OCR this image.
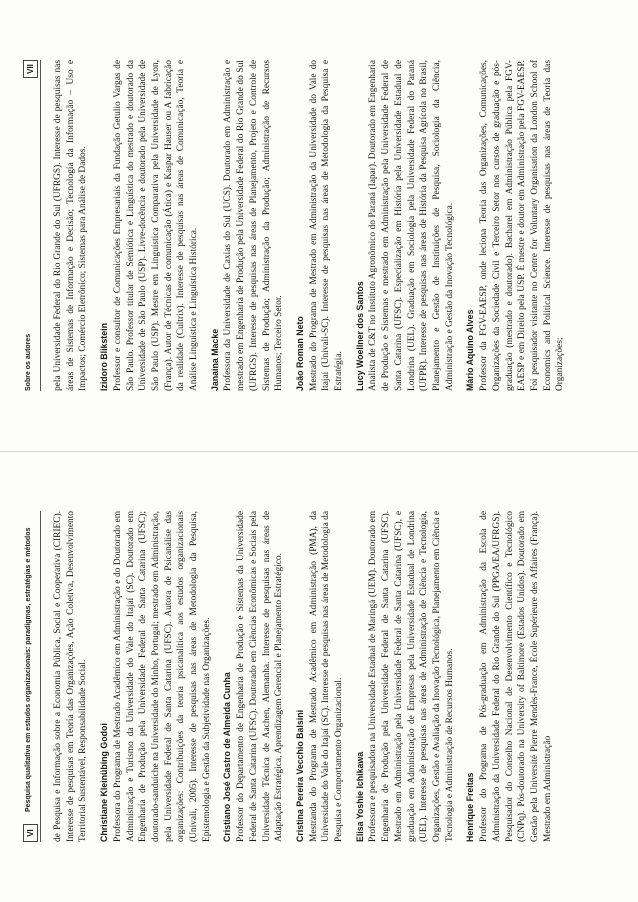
VI
Pesquisa qualitativa em estudos organizacionais: paradigmas, estratégias e métodos de Pesquisa e Informação sobre a Economia Pública, Social e Cooperativa (CIRIEC). Interesse de pesquisas em Teoria das Organizações, Ação Coletiva, Desenvolvimento Territorial Sustentável, Responsabilidade Social. Christiane Kleinübing Godoi Professora do Programa de Mestrado Acadêmico em Administração e do Doutorado em Administração e Turismo da Universidade do Vale do Itajaí (SC). Doutorado em Engenharia de Produção pela Universidade Federal de Santa Catarina (UFSC); doutorado-sanduíche na Universidade do Minho, Portugal; mestrado em Administração, pela Universidade Federal de Santa Catarina (UFSC). Autora de Psicanálise das organizações: Contribuições da teoria psicanalítica aos estudos organizacionais (Univali, 2005). Interesse de pesquisas nas áreas de Metodologia da Pesquisa, Epistemologia e Gestão da Subjetividade nas Organizações. Cristiano José Castro de Almeida Cunha Professor do Departamento de Engenharia de Produção e Sistemas da Universidade Federal de Santa Catarina (UFSC). Doutorado em Ciências Econômicas e Sociais pela Universidade Técnica de Aachen, Alemanha. Interesse de pesquisas nas áreas de Adaptação Estratégica, Aprendizagem Gerencial e Planejamento Estratégico. Cristina Pereira Vecchio Balsini Mestranda do Programa de Mestrado Acadêmico em Administração (PMA), da Universidade do Vale do Itajaí (SC). Interesse de pesquisas nas áreas de Metodologia da Pesquisa e Comportamento Organizacional. Elisa Yoshie Ichikawa Professora e pesquisadora na Universidade Estadual de Maringá (UEM). Doutorado em Engenharia de Produção pela Universidade Federal de Santa Catarina (UFSC). Mestrado em Administração pela Universidade Federal de Santa Catarina (UFSC), e graduação em Administração de Empresas pela Universidade Estadual de Londrina (UEL). Interesse de pesquisas nas áreas de Administração de Ciência e Tecnologia, Organizações, Gestão e Avaliação da Inovação Tecnológica, Planejamento em Ciência e Tecnologia e Administração de Recursos Humanos. Henrique Freitas Professor do Programa de Pós-graduação em Administração da Escola de Administração da Universidade Federal do Rio Grande do Sul (PPGA/EA/UFRGS). Pesquisador do Conselho Nacional de Desenvolvimento Científico e Tecnológico (CNPq). Pós-doutorado na University of Baltimore (Estados Unidos). Doutorado em Gestão pela Université Pierre Mendès-France, École Supérieure des Affaires (França). Mestrado em Administração

Sobre os autores
VII	pela Universidade Federal do Rio Grande do Sul (UFRGS). Interesse de pesquisas nas áreas de Sistemas de Informação e Decisão; Tecnologia da Informação – Uso e Impactos; Comércio Eletrônico; Sistemas para Análise de Dados. Izidoro Blikstein Professor e consultor de Comunicações Empresariais da Fundação Getulio Vargas de São Paulo. Professor titular de Semiótica e Linguística do mestrado e doutorado da Universidade de São Paulo (USP). Livre-docência e doutorado pela Universidade de São Paulo (USP). Mestre em Linguística Comparativa pela Universidade de Lyon, (França). Autor de Técnicas de comunicação (Ática) e Kaspar Hauser ou A fabricação da realidade (Cultrix). Interesse de pesquisas nas áreas de Comunicação, Teoria e Análise Linguística e Linguística Histórica. Janaina Macke Professora da Universidade de Caxias do Sul (UCS). Doutorado em Administração e mestrado em Engenharia de Produção pela Universidade Federal do Rio Grande do Sul (UFRGS). Interesse de pesquisas nas áreas de Planejamento, Projeto e Controle de Sistemas de Produção; Administração da Produção; Administração de Recursos Humanos; Terceiro Setor. João Roman Neto Mestrado do Programa de Mestrado em Administração da Universidade do Vale do Itajaí (Univali-SC). Interesse de pesquisas nas áreas de Metodologia da Pesquisa e Estratégia. Lucy Woellner dos Santos Analista de C&T no Instituto Agronômico do Paraná (Iapar). Doutorado em Engenharia de Produção e Sistemas e mestrado em Administração pela Universidade Federal de Santa Catarina (UFSC). Especialização em História pela Universidade Estadual de Londrina (UEL). Graduação em Sociologia pela Universidade Federal do Paraná (UFPR). Interesse de pesquisas nas áreas de História da Pesquisa Agrícola no Brasil, Planejamento e Gestão de Instituições de Pesquisa, Sociologia da Ciência, Administração e Gestão da Inovação Tecnológica. Mário Aquino Alves Professor da FGV-EAESP, onde leciona Teoria das Organizações, Comunicações, Organizações da Sociedade Civil e Terceiro Setor nos cursos de graduação e pós-graduação (mestrado e doutorado). Bacharel em Administração Pública pela FGV-EAESP e em Direito pela USP. É mestre e doutor em Administração pela FGV-EAESP. Foi pesquisador visitante no Centre for Voluntary Organisation da London School of Economics and Political Science. Interesse de pesquisas nas áreas de Teoria das Organizações;
